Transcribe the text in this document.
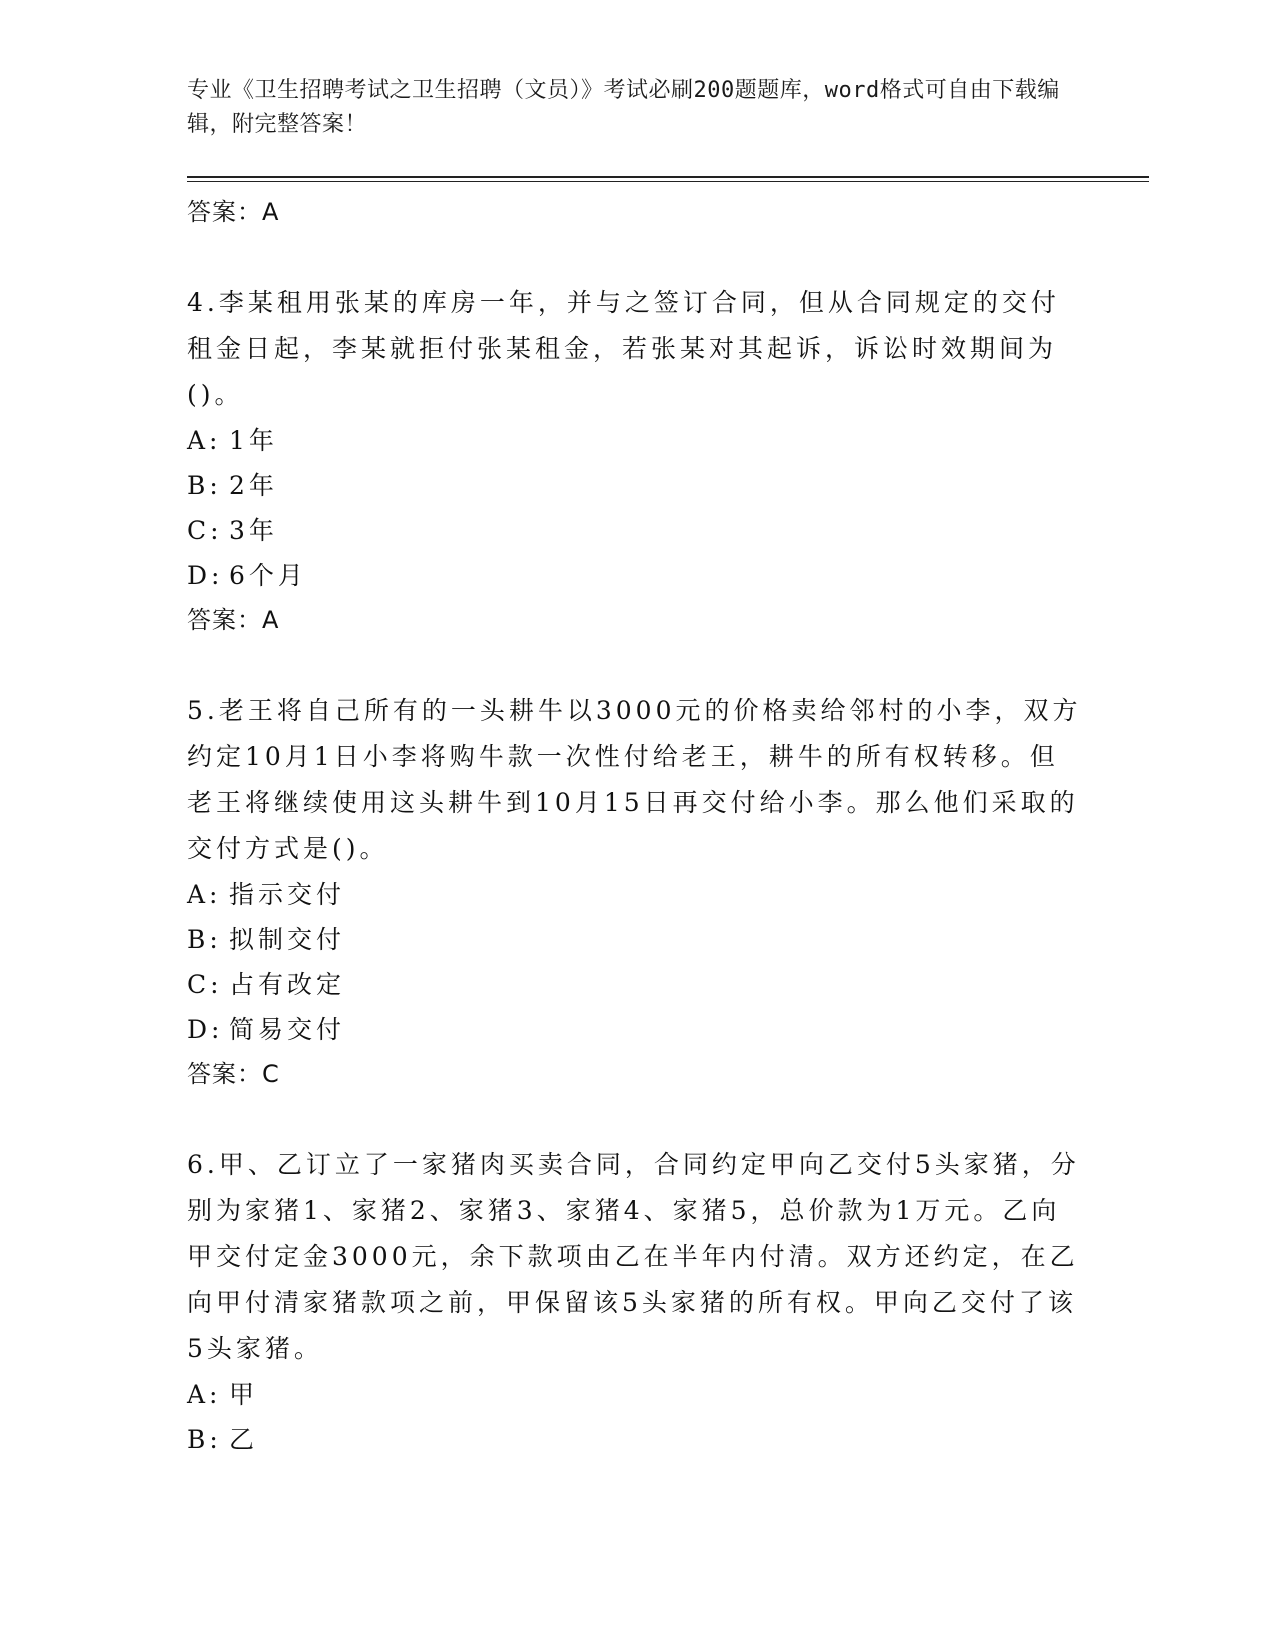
专业《卫生招聘考试之卫生招聘（文员）》考试必刷200题题库，word格式可自由下载编辑，附完整答案！
答案：A
4.李某租用张某的库房一年，并与之签订合同，但从合同规定的交付租金日起，李某就拒付张某租金，若张某对其起诉，诉讼时效期间为()。
A: 1年
B: 2年
C: 3年
D: 6个月
答案：A
5.老王将自己所有的一头耕牛以3000元的价格卖给邻村的小李，双方约定10月1日小李将购牛款一次性付给老王，耕牛的所有权转移。但老王将继续使用这头耕牛到10月15日再交付给小李。那么他们采取的交付方式是()。
A: 指示交付
B: 拟制交付
C: 占有改定
D: 简易交付
答案：C
6.甲、乙订立了一家猪肉买卖合同，合同约定甲向乙交付5头家猪，分别为家猪1、家猪2、家猪3、家猪4、家猪5，总价款为1万元。乙向甲交付定金3000元，余下款项由乙在半年内付清。双方还约定，在乙向甲付清家猪款项之前，甲保留该5头家猪的所有权。甲向乙交付了该5头家猪。
A: 甲
B: 乙
